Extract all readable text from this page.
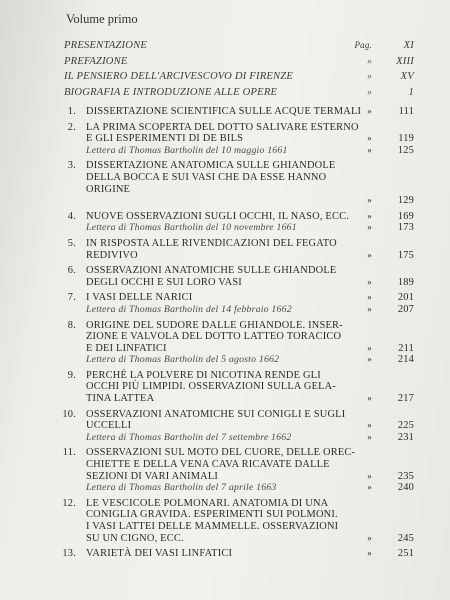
Volume primo
PRESENTAZIONE	Pag.	XI
PREFAZIONE	»	XIII
IL PENSIERO DELL'ARCIVESCOVO DI FIRENZE	»	XV
BIOGRAFIA E INTRODUZIONE ALLE OPERE	»	1
1. DISSERTAZIONE SCIENTIFICA SULLE ACQUE TERMALI »	111
2. LA PRIMA SCOPERTA DEL DOTTO SALIVARE ESTERNO
E GLI ESPERIMENTI DI DE BILS	»	119
Lettera di Thomas Bartholin del 10 maggio 1661	»	125
3. DISSERTAZIONE ANATOMICA SULLE GHIANDOLE
DELLA BOCCA E SUI VASI CHE DA ESSE HANNO
ORIGINE
»	129
4. NUOVE OSSERVAZIONI SUGLI OCCHI, IL NASO, ECC.	»	169
Lettera di Thomas Bartholin del 10 novembre 1661	»	173
5. IN RISPOSTA ALLE RIVENDICAZIONI DEL FEGATO
REDIVIVO	»	175
6. OSSERVAZIONI ANATOMICHE SULLE GHIANDOLE
DEGLI OCCHI E SUI LORO VASI	»	189
7. I VASI DELLE NARICI	»	201
Lettera di Thomas Bartholin del 14 febbraio 1662	»	207
8. ORIGINE DEL SUDORE DALLE GHIANDOLE. INSER-
ZIONE E VALVOLA DEL DOTTO LATTEO TORACICO
E DEI LINFATICI	»	211
Lettera di Thomas Bartholin del 5 agosto 1662	»	214
9. PERCHÉ LA POLVERE DI NICOTINA RENDE GLI
OCCHI PIÙ LIMPIDI. OSSERVAZIONI SULLA GELA-
TINA LATTEA	»	217
10. OSSERVAZIONI ANATOMICHE SUI CONIGLI E SUGLI
UCCELLI	»	225
Lettera di Thomas Bartholin del 7 settembre 1662	»	231
11. OSSERVAZIONI SUL MOTO DEL CUORE, DELLE OREC-
CHIETTE E DELLA VENA CAVA RICAVATE DALLE
SEZIONI DI VARI ANIMALI	»	235
Lettera di Thomas Bartholin del 7 aprile 1663	»	240
12. LE VESCICOLE POLMONARI. ANATOMIA DI UNA
CONIGLIA GRAVIDA. ESPERIMENTI SUI POLMONI.
I VASI LATTEI DELLE MAMMELLE. OSSERVAZIONI
SU UN CIGNO, ECC.	»	245
13. VARIETÀ DEI VASI LINFATICI	»	251
